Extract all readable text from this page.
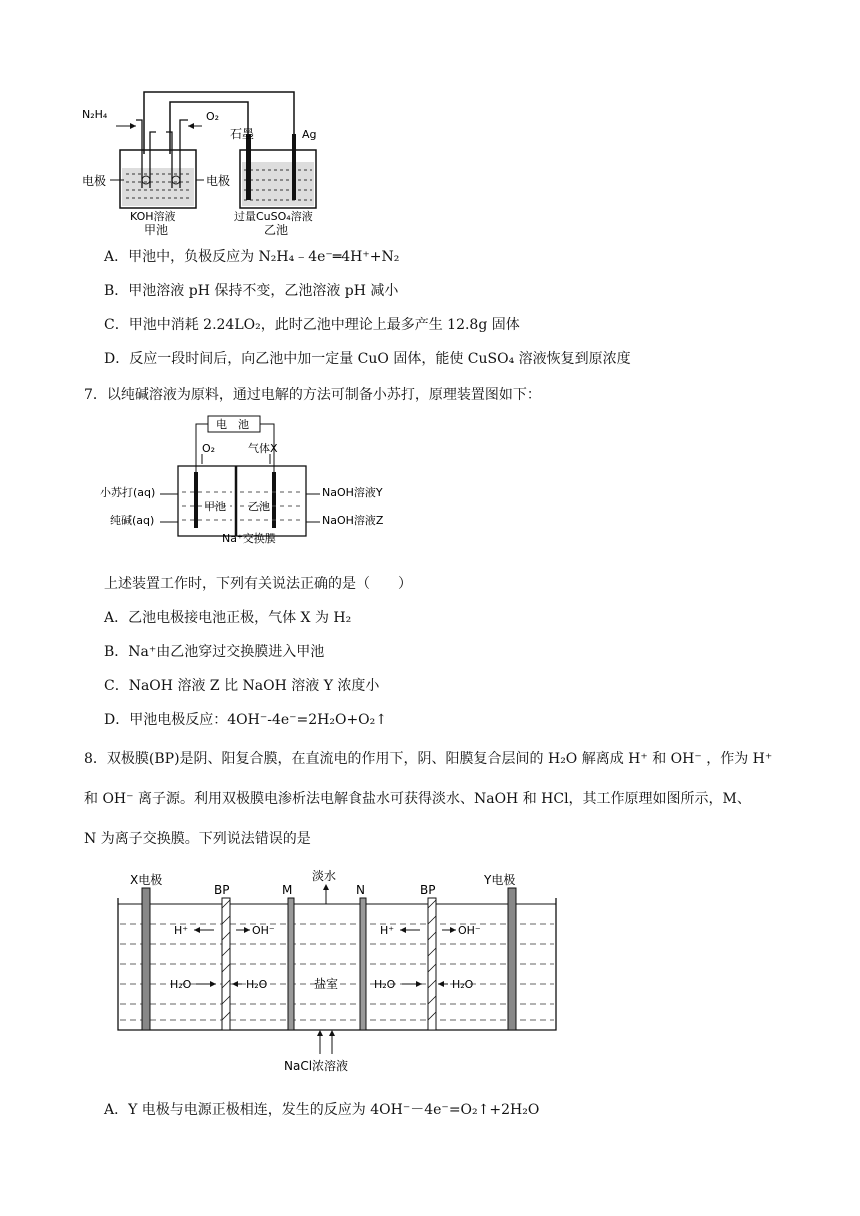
N₂H₄	O₂
石墨	Ag
电极	电极
KOH溶液
甲池
过量CuSO₄溶液
乙池
A．甲池中，负极反应为 N₂H₄﹣4e⁻═4H⁺+N₂
B．甲池溶液 pH 保持不变，乙池溶液 pH 减小
C．甲池中消耗 2.24LO₂，此时乙池中理论上最多产生 12.8g 固体
D．反应一段时间后，向乙池中加一定量 CuO 固体，能使 CuSO₄ 溶液恢复到原浓度
7．以纯碱溶液为原料，通过电解的方法可制备小苏打，原理装置图如下：
电　池
O₂	气体X
小苏打(aq)
纯碱(aq)
甲池 乙池
NaOH溶液Y
NaOH溶液Z
Na⁺交换膜
上述装置工作时，下列有关说法正确的是（　　）
A．乙池电极接电池正极，气体 X 为 H₂
B．Na⁺由乙池穿过交换膜进入甲池
C．NaOH 溶液 Z 比 NaOH 溶液 Y 浓度小
D．甲池电极反应：4OH⁻-4e⁻=2H₂O+O₂↑
8．双极膜(BP)是阴、阳复合膜，在直流电的作用下，阴、阳膜复合层间的 H₂O 解离成 H⁺ 和 OH⁻ ，作为 H⁺
和 OH⁻ 离子源。利用双极膜电渗析法电解食盐水可获得淡水、NaOH 和 HCl，其工作原理如图所示，M、
N 为离子交换膜。下列说法错误的是
X电极
BP	M
淡水
N	BP
Y电极
H⁺	OH⁻	H⁺	OH⁻
H₂O	H₂O	盐室	H₂O	H₂O
NaCl浓溶液
A．Y 电极与电源正极相连，发生的反应为 4OH⁻－4e⁻=O₂↑+2H₂O
